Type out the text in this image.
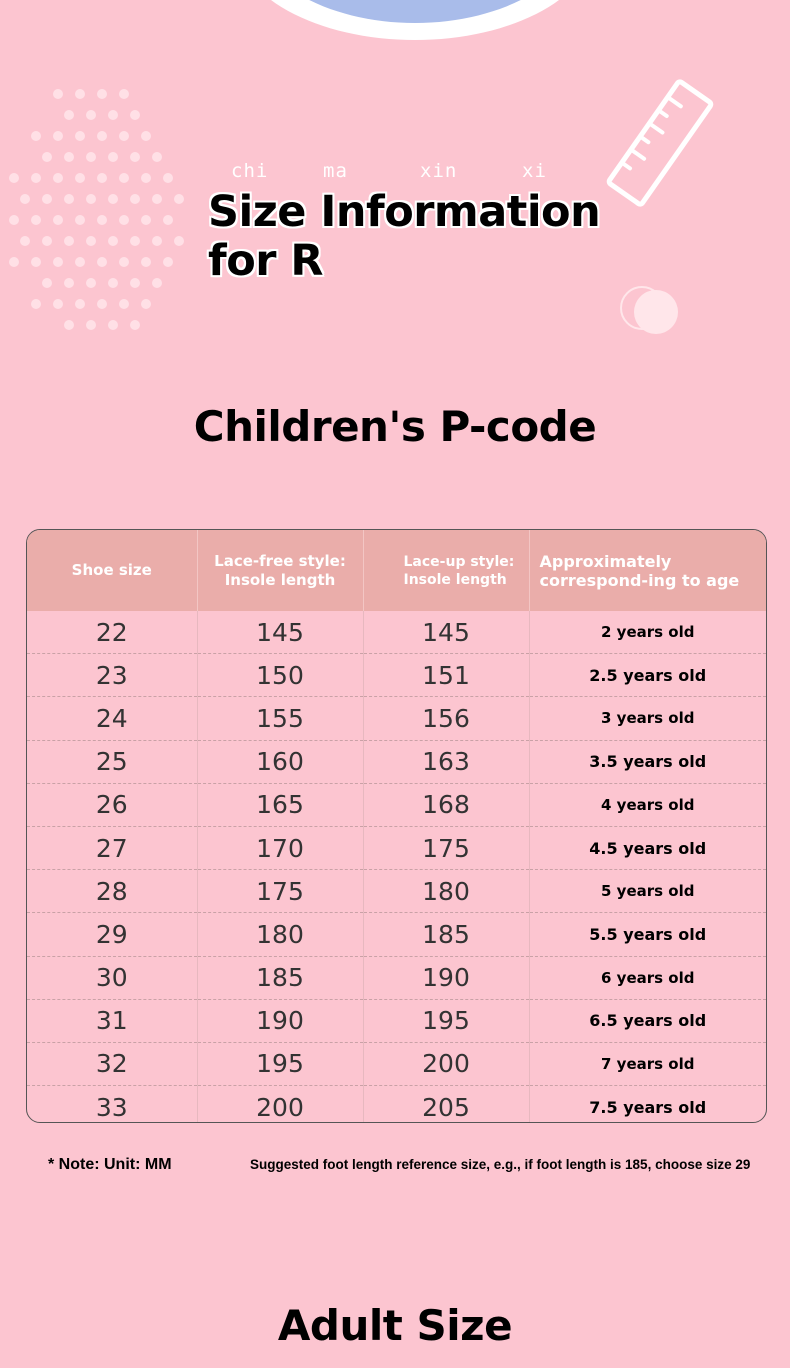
chi	ma	xin	xi
Size Information
for R
Children's P-code
Shoe size	Lace-free style: Insole length	Lace-up style: Insole length	Approximately correspond-ing to age
22	145	145	2 years old
23	150	151	2.5 years old
24	155	156	3 years old
25	160	163	3.5 years old
26	165	168	4 years old
27	170	175	4.5 years old
28	175	180	5 years old
29	180	185	5.5 years old
30	185	190	6 years old
31	190	195	6.5 years old
32	195	200	7 years old
33	200	205	7.5 years old
* Note: Unit: MM	Suggested foot length reference size, e.g., if foot length is 185, choose size 29
Adult Size
